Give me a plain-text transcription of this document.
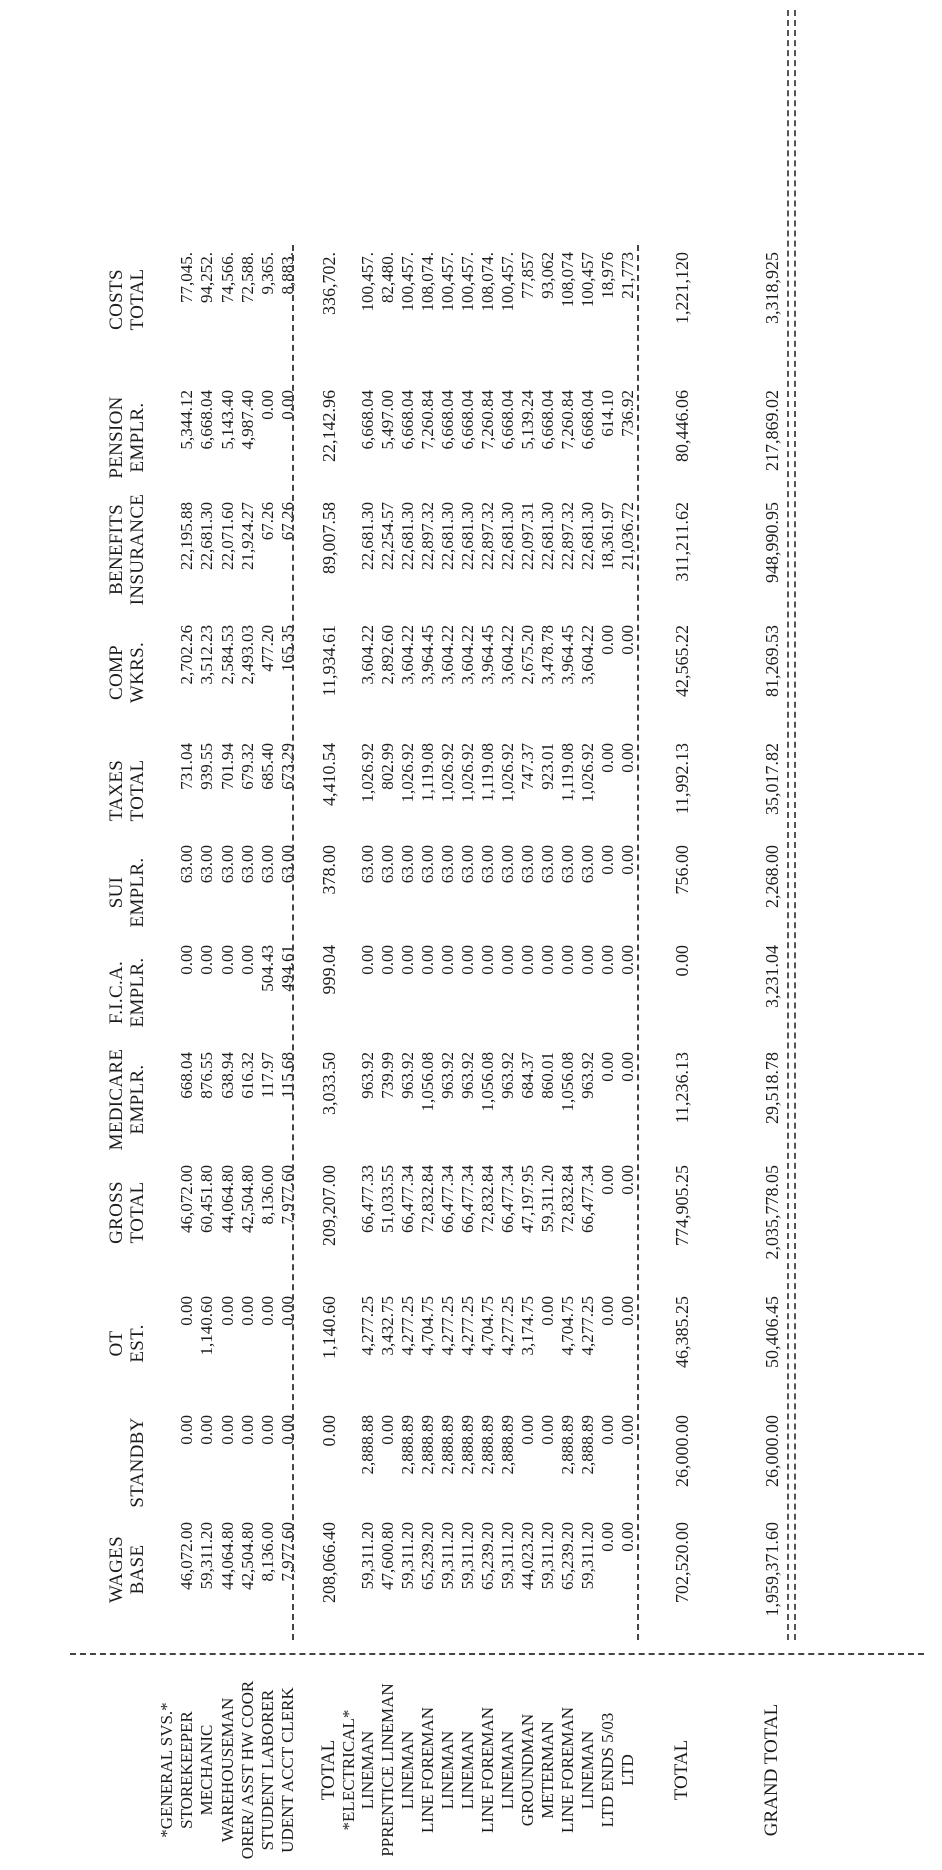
BASE
WAGES
STANDBY
EST.
OT
TOTAL
GROSS
EMPLR.
MEDICARE
EMPLR.
F.I.C.A.
EMPLR.
SUI
TOTAL
TAXES
WKRS.
COMP
INSURANCE
BENEFITS
EMPLR.
PENSION
TOTAL
COSTS
*GENERAL SVS.* STOREKEEPER
46,072.00
0.00
0.00
46,072.00
668.04
0.00
63.00
731.04
2,702.26
22,195.88
5,344.12
77,045.
MECHANIC
59,311.20
0.00
1,140.60
60,451.80
876.55
0.00
63.00
939.55
3,512.23
22,681.30
6,668.04
94,252.
WAREHOUSEMAN
44,064.80
0.00
0.00
44,064.80
638.94
0.00
63.00
701.94
2,584.53
22,071.60
5,143.40
74,566.
ORER/ ASST HW COOR
42,504.80
0.00
0.00
42,504.80
616.32
0.00
63.00
679.32
2,493.03
21,924.27
4,987.40
72,588.
STUDENT LABORER
8,136.00
0.00
0.00
8,136.00
117.97
504.43
63.00
685.40
477.20
67.26
0.00
9,365.
UDENT ACCT CLERK
7,977.60
0.00
0.00
7,977.60
115.68
494.61
63.00
673.29
165.35
67.26
0.00
8,883.
TOTAL
208,066.40
0.00
1,140.60
209,207.00
3,033.50
999.04
378.00
4,410.54
11,934.61
89,007.58
22,142.96
336,702.
*ELECTRICAL* LINEMAN
59,311.20
2,888.88
4,277.25
66,477.33
963.92
0.00
63.00
1,026.92
3,604.22
22,681.30
6,668.04
100,457.
PPRENTICE LINEMAN
47,600.80
0.00
3,432.75
51,033.55
739.99
0.00
63.00
802.99
2,892.60
22,254.57
5,497.00
82,480.
LINEMAN
59,311.20
2,888.89
4,277.25
66,477.34
963.92
0.00
63.00
1,026.92
3,604.22
22,681.30
6,668.04
100,457.
LINE FOREMAN
65,239.20
2,888.89
4,704.75
72,832.84
1,056.08
0.00
63.00
1,119.08
3,964.45
22,897.32
7,260.84
108,074.
LINEMAN
59,311.20
2,888.89
4,277.25
66,477.34
963.92
0.00
63.00
1,026.92
3,604.22
22,681.30
6,668.04
100,457.
LINEMAN
59,311.20
2,888.89
4,277.25
66,477.34
963.92
0.00
63.00
1,026.92
3,604.22
22,681.30
6,668.04
100,457.
LINE FOREMAN
65,239.20
2,888.89
4,704.75
72,832.84
1,056.08
0.00
63.00
1,119.08
3,964.45
22,897.32
7,260.84
108,074.
LINEMAN
59,311.20
2,888.89
4,277.25
66,477.34
963.92
0.00
63.00
1,026.92
3,604.22
22,681.30
6,668.04
100,457.
GROUNDMAN
44,023.20
0.00
3,174.75
47,197.95
684.37
0.00
63.00
747.37
2,675.20
22,097.31
5,139.24
77,857
METERMAN
59,311.20
0.00
0.00
59,311.20
860.01
0.00
63.00
923.01
3,478.78
22,681.30
6,668.04
93,062
LINE FOREMAN
65,239.20
2,888.89
4,704.75
72,832.84
1,056.08
0.00
63.00
1,119.08
3,964.45
22,897.32
7,260.84
108,074
LINEMAN
59,311.20
2,888.89
4,277.25
66,477.34
963.92
0.00
63.00
1,026.92
3,604.22
22,681.30
6,668.04
100,457
LTD ENDS 5/03
0.00
0.00
0.00
0.00
0.00
0.00
0.00
0.00
0.00
18,361.97
614.10
18,976
LTD
0.00
0.00
0.00
0.00
0.00
0.00
0.00
0.00
0.00
21,036.72
736.92
21,773
TOTAL
702,520.00
26,000.00
46,385.25
774,905.25
11,236.13
0.00
756.00
11,992.13
42,565.22
311,211.62
80,446.06
1,221,120
GRAND TOTAL
1,959,371.60
26,000.00
50,406.45
2,035,778.05
29,518.78
3,231.04
2,268.00
35,017.82
81,269.53
948,990.95
217,869.02
3,318,925
